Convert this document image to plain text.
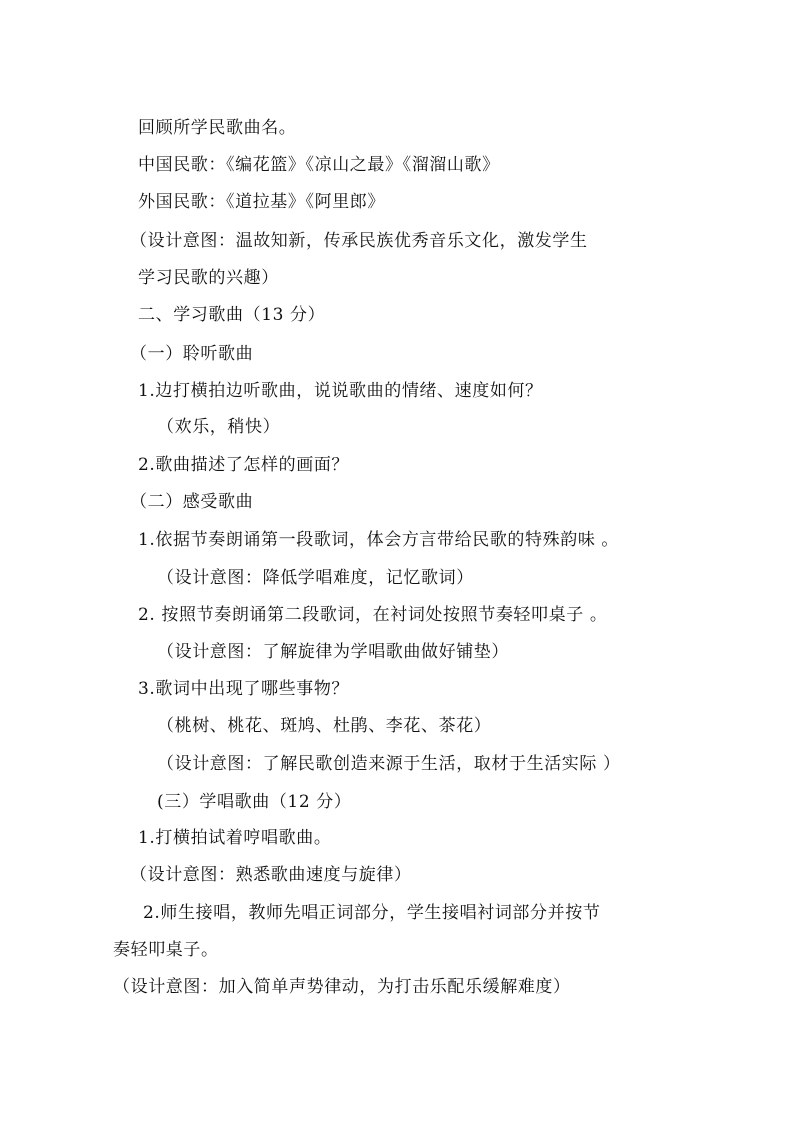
回顾所学民歌曲名。
中国民歌：《编花篮》《凉山之最》《溜溜山歌》
外国民歌：《道拉基》《阿里郎》
（设计意图：温故知新，传承民族优秀音乐文化，激发学生
学习民歌的兴趣）
二、学习歌曲（13 分）
（一）聆听歌曲
1.边打横拍边听歌曲，说说歌曲的情绪、速度如何？
（欢乐，稍快）
2.歌曲描述了怎样的画面？
（二）感受歌曲
1.依据节奏朗诵第一段歌词，体会方言带给民歌的特殊韵味 。
（设计意图：降低学唱难度，记忆歌词）
2. 按照节奏朗诵第二段歌词，在衬词处按照节奏轻叩桌子 。
（设计意图：了解旋律为学唱歌曲做好铺垫）
3.歌词中出现了哪些事物？
（桃树、桃花、斑鸠、杜鹃、李花、茶花）
（设计意图：了解民歌创造来源于生活，取材于生活实际 ）
(三）学唱歌曲（12 分）
1.打横拍试着哼唱歌曲。
（设计意图：熟悉歌曲速度与旋律）
2.师生接唱，教师先唱正词部分，学生接唱衬词部分并按节
奏轻叩桌子。
（设计意图：加入简单声势律动，为打击乐配乐缓解难度）
